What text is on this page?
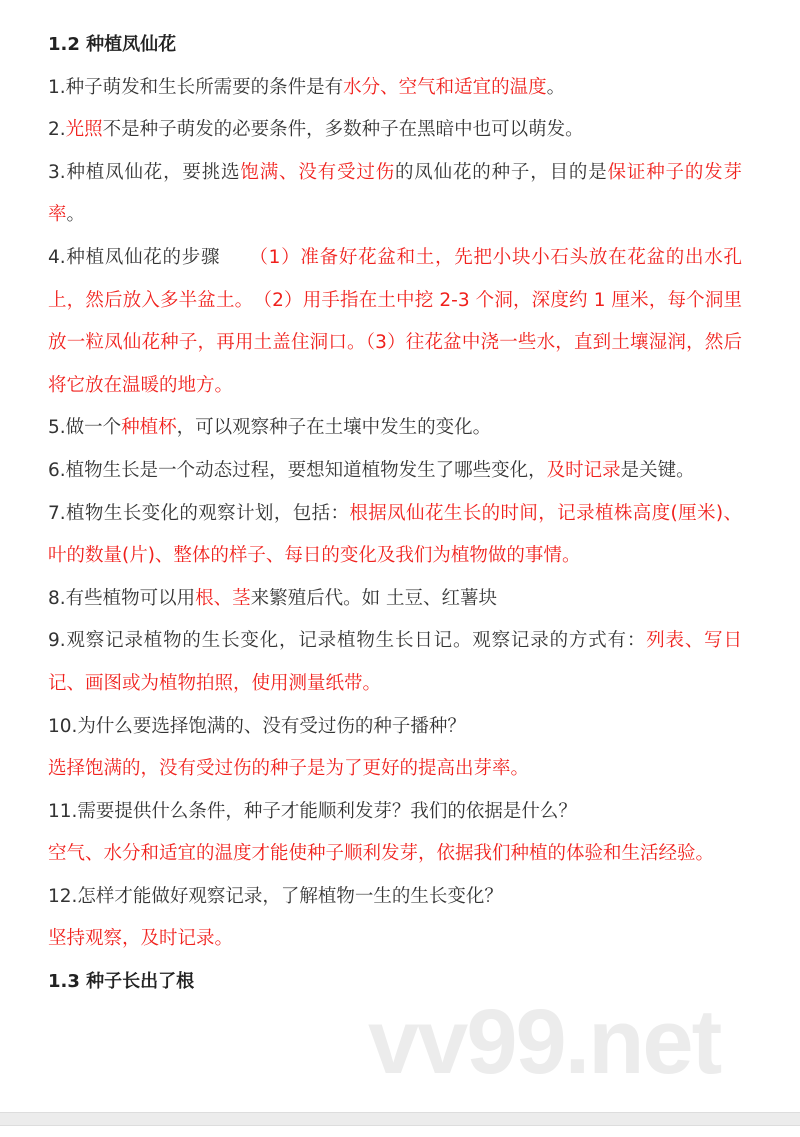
vv99.net

1.2 种植凤仙花

1.种子萌发和生长所需要的条件是有水分、空气和适宜的温度。

2.光照不是种子萌发的必要条件，多数种子在黑暗中也可以萌发。

3.种植凤仙花，要挑选饱满、没有受过伤的凤仙花的种子，目的是保证种子的发芽率。

4.种植凤仙花的步骤　　（1）准备好花盆和土，先把小块小石头放在花盆的出水孔上，然后放入多半盆土。　（2）用手指在土中挖 2-3 个洞，深度约 1 厘米，每个洞里放一粒凤仙花种子，再用土盖住洞口。（3）往花盆中浇一些水，直到土壤湿润，然后将它放在温暖的地方。

5.做一个种植杯，可以观察种子在土壤中发生的变化。

6.植物生长是一个动态过程，要想知道植物发生了哪些变化，及时记录是关键。

7.植物生长变化的观察计划，包括：根据凤仙花生长的时间，记录植株高度(厘米)、叶的数量(片)、整体的样子、每日的变化及我们为植物做的事情。

8.有些植物可以用根、茎来繁殖后代。如 土豆、红薯块

9.观察记录植物的生长变化，记录植物生长日记。观察记录的方式有：列表、写日记、画图或为植物拍照，使用测量纸带。

10.为什么要选择饱满的、没有受过伤的种子播种？

选择饱满的，没有受过伤的种子是为了更好的提高出芽率。

11.需要提供什么条件，种子才能顺利发芽？我们的依据是什么？

空气、水分和适宜的温度才能使种子顺利发芽，依据我们种植的体验和生活经验。

12.怎样才能做好观察记录，了解植物一生的生长变化？

坚持观察，及时记录。

1.3 种子长出了根
